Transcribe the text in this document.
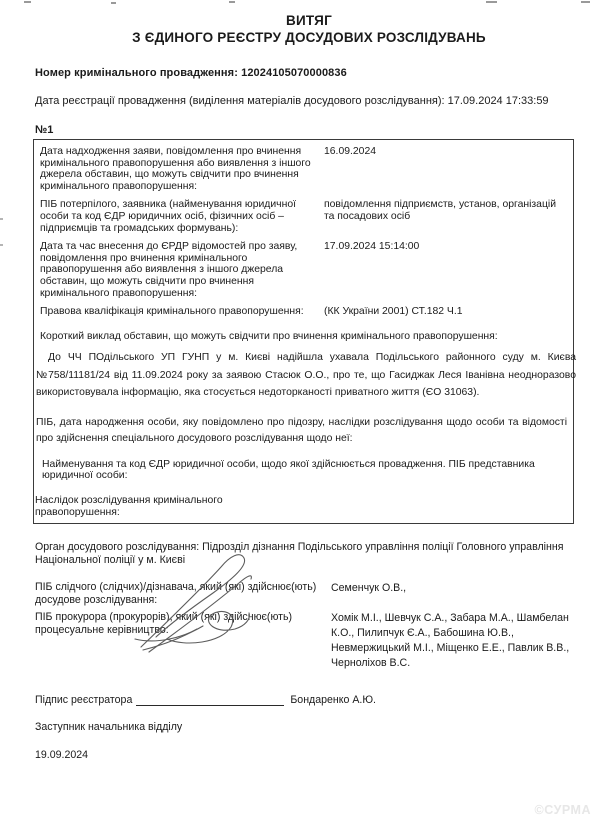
ВИТЯГ
З ЄДИНОГО РЕЄСТРУ ДОСУДОВИХ РОЗСЛІДУВАНЬ
Номер кримінального провадження: 12024105070000836
Дата реєстрації провадження (виділення матеріалів досудового розслідування): 17.09.2024 17:33:59
№1
Дата надходження заяви, повідомлення про вчинення кримінального правопорушення або виявлення з іншого джерела обставин, що можуть свідчити про вчинення кримінального правопорушення:
16.09.2024
ПІБ потерпілого, заявника (найменування юридичної особи та код ЄДР юридичних осіб, фізичних осіб – підприємців та громадських формувань):
повідомлення підприємств, установ, організацій та посадових осіб
Дата та час внесення до ЄРДР відомостей про заяву, повідомлення про вчинення кримінального правопорушення або виявлення з іншого джерела обставин, що можуть свідчити про вчинення кримінального правопорушення:
17.09.2024 15:14:00
Правова кваліфікація кримінального правопорушення:	(КК України 2001) СТ.182 Ч.1
Короткий виклад обставин, що можуть свідчити про вчинення кримінального правопорушення:
До ЧЧ ПОдільського УП ГУНП у м. Києві надійшла ухавала Подільського районного суду м. Києва №758/11181/24 від 11.09.2024 року за заявою Стасюк О.О., про те, що Гасиджак Леся Іванівна неодноразово використовувала інформацію, яка стосується недоторканості приватного життя (ЄО 31063).
ПІБ, дата народження особи, яку повідомлено про підозру, наслідки розслідування щодо особи та відомості про здійснення спеціального досудового розслідування щодо неї:
Найменування та код ЄДР юридичної особи, щодо якої здійснюється провадження. ПІБ представника юридичної особи:
Наслідок розслідування кримінального правопорушення:
Орган досудового розслідування: Підрозділ дізнання Подільського управління поліції Головного управління Національної поліції у м. Києві
ПІБ слідчого (слідчих)/дізнавача, який (які) здійснює(ють) досудове розслідування:
Семенчук О.В.,
ПІБ прокурора (прокурорів), який (які) здійснює(ють) процесуальне керівництво:
Хомік М.І., Шевчук С.А., Забара М.А., Шамбелан К.О., Пилипчук Є.А., Бабошина Ю.В., Невмержицький М.І., Міщенко Е.Е., Павлик В.В., Черноліхов В.С.
Підпис реєстратора	Бондаренко А.Ю.
Заступник начальника відділу
19.09.2024
©СУРМА
